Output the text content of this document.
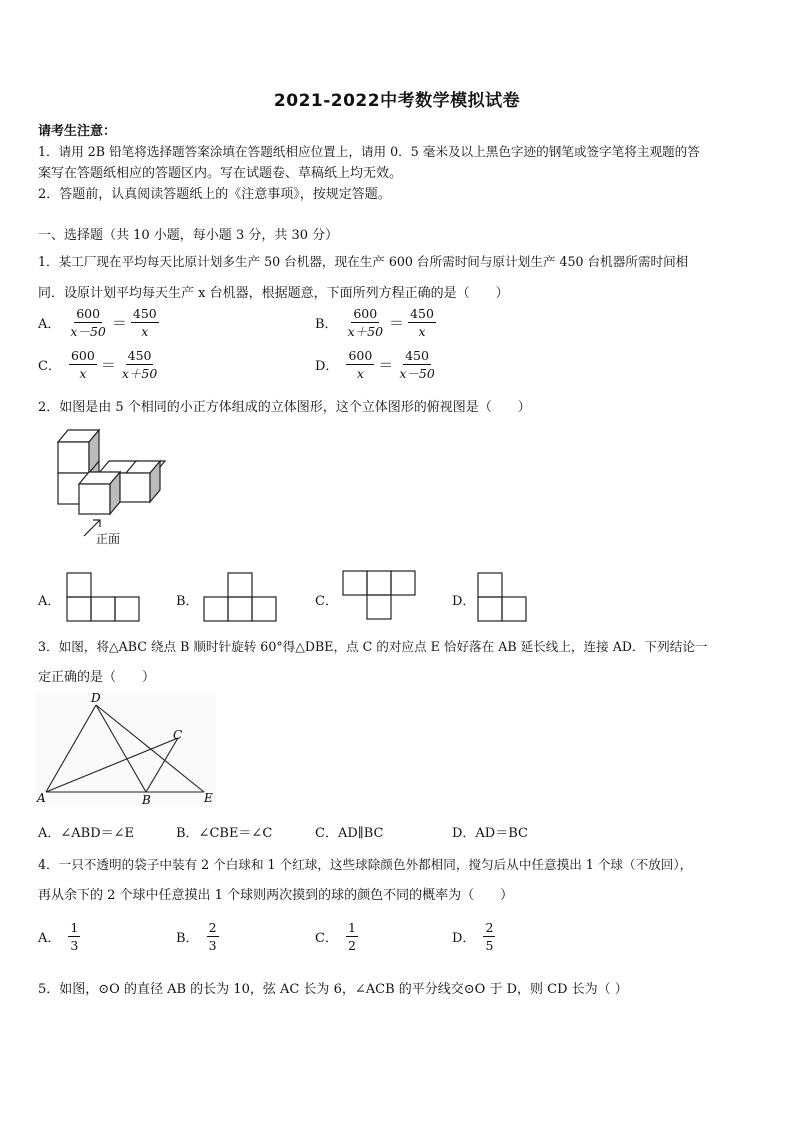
2021-2022中考数学模拟试卷
请考生注意：
1．请用 2B 铅笔将选择题答案涂填在答题纸相应位置上，请用 0．5 毫米及以上黑色字迹的钢笔或签字笔将主观题的答
案写在答题纸相应的答题区内。写在试题卷、草稿纸上均无效。
2．答题前，认真阅读答题纸上的《注意事项》，按规定答题。
一、选择题（共 10 小题，每小题 3 分，共 30 分）
1．某工厂现在平均每天比原计划多生产 50 台机器，现在生产 600 台所需时间与原计划生产 450 台机器所需时间相
同．设原计划平均每天生产 x 台机器，根据题意，下面所列方程正确的是（　　）
A． $\frac{600}{x-50} = \frac{450}{x}$	B． $\frac{600}{x+50} = \frac{450}{x}$
C． $\frac{600}{x} = \frac{450}{x+50}$	D． $\frac{600}{x} = \frac{450}{x-50}$
2．如图是由 5 个相同的小正方体组成的立体图形，这个立体图形的俯视图是（　　）
正面
A．	B．	C．	D．
3．如图，将△ABC 绕点 B 顺时针旋转 60°得△DBE，点 C 的对应点 E 恰好落在 AB 延长线上，连接 AD．下列结论一
定正确的是（　　）
D
C
A	B	E
A．∠ABD＝∠E	B．∠CBE＝∠C	C．AD∥BC	D．AD＝BC
4．一只不透明的袋子中装有 2 个白球和 1 个红球，这些球除颜色外都相同，搅匀后从中任意摸出 1 个球（不放回），
再从余下的 2 个球中任意摸出 1 个球则两次摸到的球的颜色不同的概率为（　　）
A． $\frac{1}{3}$	B． $\frac{2}{3}$	C． $\frac{1}{2}$	D． $\frac{2}{5}$
5．如图，⊙O 的直径 AB 的长为 10，弦 AC 长为 6，∠ACB 的平分线交⊙O 于 D，则 CD 长为（ ）
